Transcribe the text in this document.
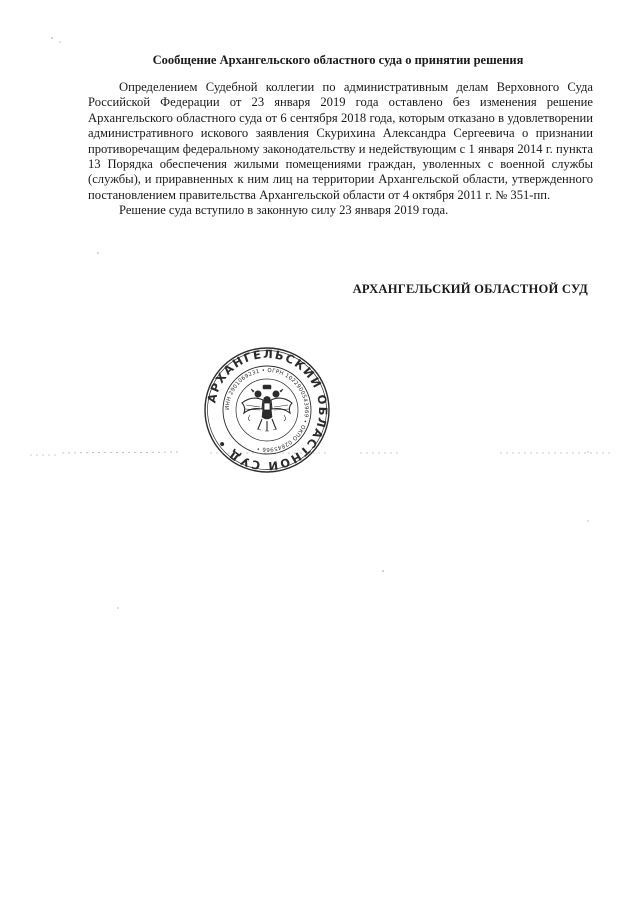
Сообщение Архангельского областного суда о принятии решения

Определением Судебной коллегии по административным делам Верховного Суда Российской Федерации от 23 января 2019 года оставлено без изменения решение Архангельского областного суда от 6 сентября 2018 года, которым отказано в удовлетворении административного искового заявления Скурихина Александра Сергеевича о признании противоречащим федеральному законодательству и недействующим с 1 января 2014 г. пункта 13 Порядка обеспечения жилыми помещениями граждан, уволенных с военной службы (службы), и приравненных к ним лиц на территории Архангельской области, утвержденного постановлением правительства Архангельской области от 4 октября 2011 г. № 351-пп.

Решение суда вступило в законную силу 23 января 2019 года.

АРХАНГЕЛЬСКИЙ ОБЛАСТНОЙ СУД
АРХАНГЕЛЬСКИЙ ОБЛАСТНОЙ СУД •
ИНН 2901069231 • ОГРН 1022900543969 • ОКПО 02845966 •
